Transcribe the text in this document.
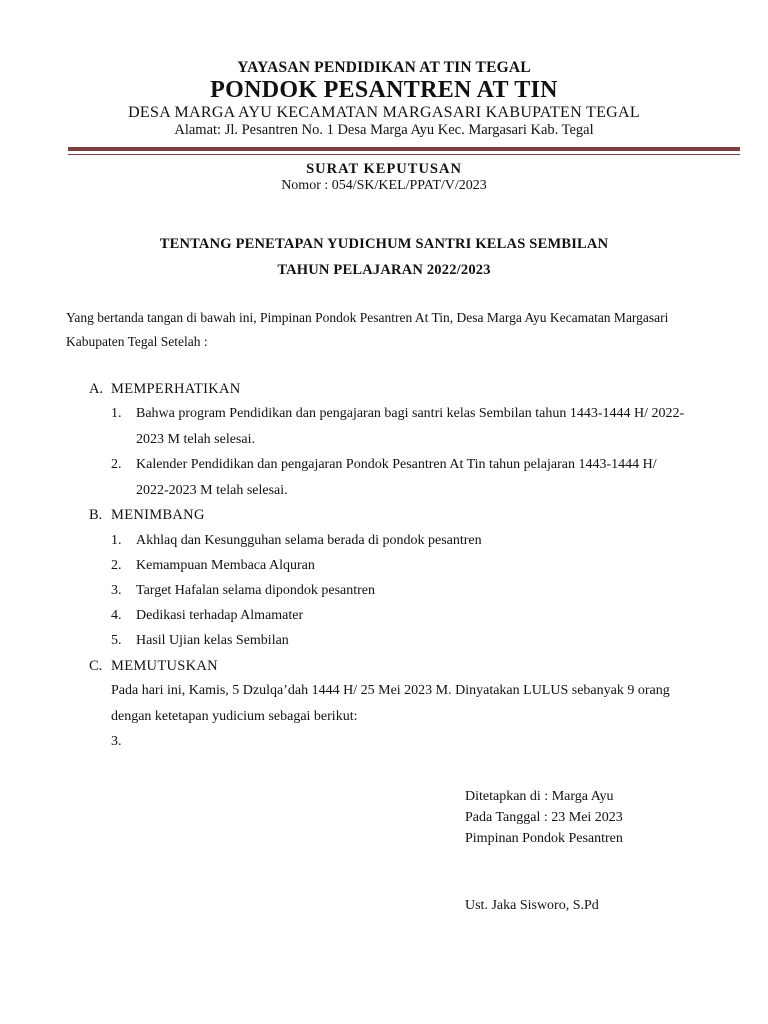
YAYASAN PENDIDIKAN AT TIN TEGAL
PONDOK PESANTREN AT TIN
DESA MARGA AYU KECAMATAN MARGASARI KABUPATEN TEGAL
Alamat: Jl. Pesantren No. 1 Desa Marga Ayu Kec. Margasari Kab. Tegal
SURAT KEPUTUSAN
Nomor : 054/SK/KEL/PPAT/V/2023
TENTANG PENETAPAN YUDICHUM SANTRI KELAS SEMBILAN
TAHUN PELAJARAN 2022/2023
Yang bertanda tangan di bawah ini, Pimpinan Pondok Pesantren At Tin, Desa Marga Ayu Kecamatan Margasari
Kabupaten Tegal Setelah :
A. MEMPERHATIKAN
1. Bahwa program Pendidikan dan pengajaran bagi santri kelas Sembilan tahun 1443-1444 H/ 2022-
2023 M telah selesai.
2. Kalender Pendidikan dan pengajaran Pondok Pesantren At Tin tahun pelajaran 1443-1444 H/
2022-2023 M telah selesai.
B. MENIMBANG
1. Akhlaq dan Kesungguhan selama berada di pondok pesantren
2. Kemampuan Membaca Alquran
3. Target Hafalan selama dipondok pesantren
4. Dedikasi terhadap Almamater
5. Hasil Ujian kelas Sembilan
C. MEMUTUSKAN
Pada hari ini, Kamis, 5 Dzulqa’dah 1444 H/ 25 Mei 2023 M. Dinyatakan LULUS sebanyak 9 orang
dengan ketetapan yudicium sebagai berikut:
3.
Ditetapkan di : Marga Ayu
Pada Tanggal : 23 Mei 2023
Pimpinan Pondok Pesantren
Ust. Jaka Sisworo, S.Pd
